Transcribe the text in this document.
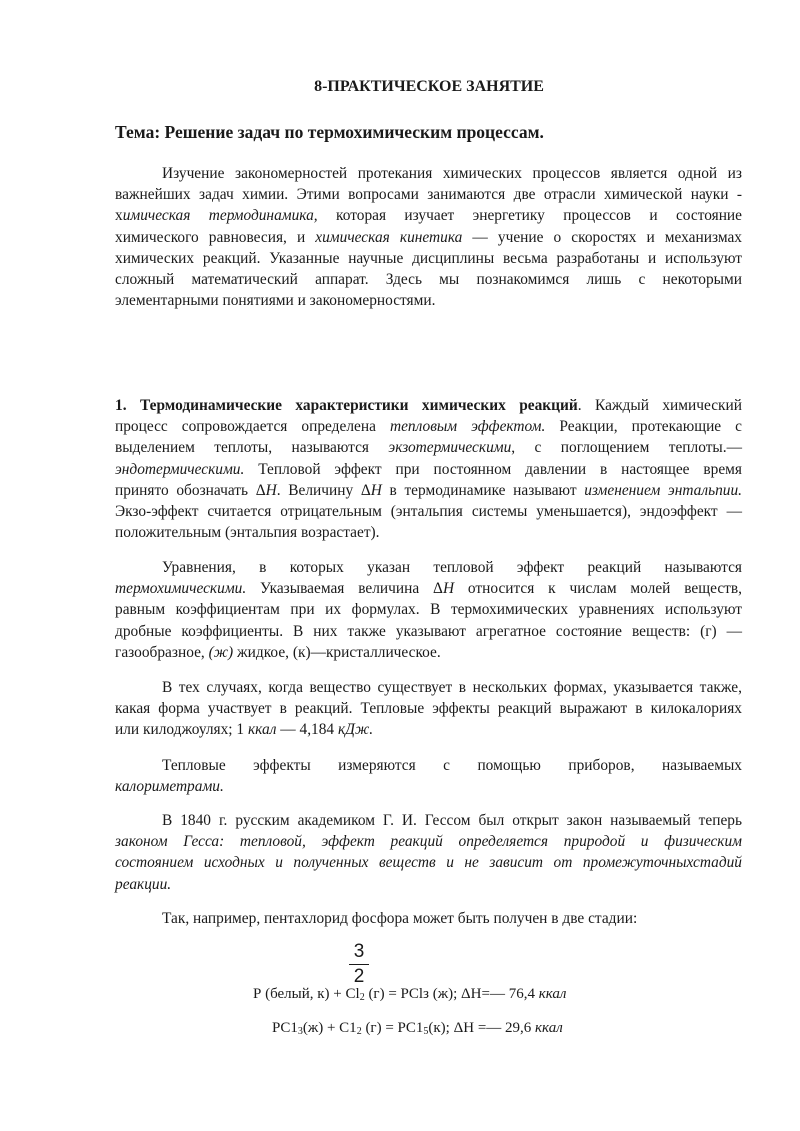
8-ПРАКТИЧЕСКОЕ ЗАНЯТИЕ
Тема: Решение задач по термохимическим процессам.
Изучение закономерностей протекания химических процессов является одной из
важнейших задач химии. Этими вопросами занимаются две отрасли химической науки -
химическая термодинамика, которая изучает энергетику процессов и состояние
химического равновесия, и химическая кинетика — учение о скоростях и механизмах
химических реакций. Указанные научные дисциплины весьма разработаны и используют
сложный математический аппарат. Здесь мы познакомимся лишь с некоторыми
элементарными понятиями и закономерностями.
1. Термодинамические характеристики химических реакций. Каждый химический
процесс сопровождается определена тепловым эффектом. Реакции, протекающие с
выделением теплоты, называются экзотермическими, с поглощением теплоты.—
эндотермическими. Тепловой эффект при постоянном давлении в настоящее время
принято обозначать ΔH. Величину ΔH в термодинамике называют изменением энтальпии.
Экзо-эффект считается отрицательным (энтальпия системы уменьшается), эндоэффект —
положительным (энтальпия возрастает).
Уравнения, в которых указан тепловой эффект реакций называются
термохимическими. Указываемая величина ΔH относится к числам молей веществ,
равным коэффициентам при их формулах. В термохимических уравнениях используют
дробные коэффициенты. В них также указывают агрегатное состояние веществ: (г) —
газообразное, (ж) жидкое, (к)—кристаллическое.
В тех случаях, когда вещество существует в нескольких формах, указывается также,
какая форма участвует в реакций. Тепловые эффекты реакций выражают в килокалориях
или килоджоулях; 1 ккал — 4,184 кДж.
Тепловые эффекты измеряются с помощью приборов, называемых
калориметрами.
В 1840 г. русским академиком Г. И. Гессом был открыт закон называемый теперь
законом Гесса: тепловой, эффект реакций определяется природой и физическим
состоянием исходных и полученных веществ и не зависит от промежуточныхстадий
реакции.
Так, например, пентахлорид фосфора может быть получен в две стадии:
3
2
Р (белый, $к) + Cl_2$ (г) = PClз (ж); ΔH=— 76,4 ккал
$PC1_3(ж) + C1_2$ $(г) = PC1_5(к)$; ΔH =— 29,6 ккал
